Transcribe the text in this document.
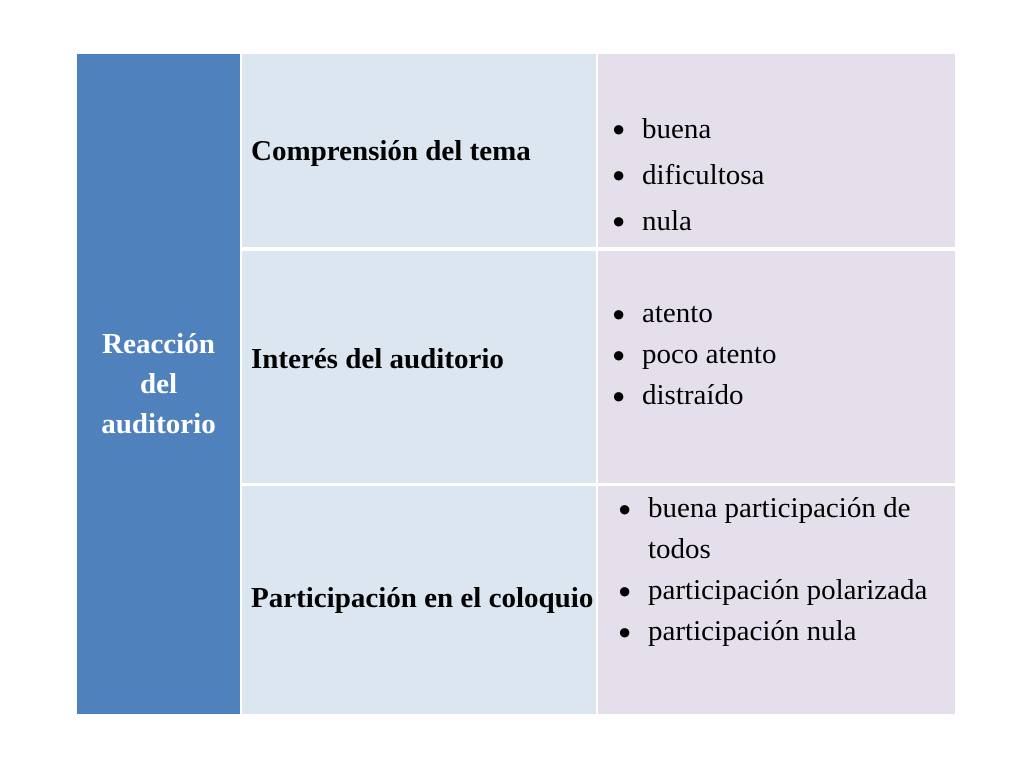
Reacción
del
auditorio
Comprensión del tema
● buena
● dificultosa
● nula
Interés del auditorio
● atento
● poco atento
● distraído
Participación en el coloquio
● buena participación de todos
● participación polarizada
● participación nula
